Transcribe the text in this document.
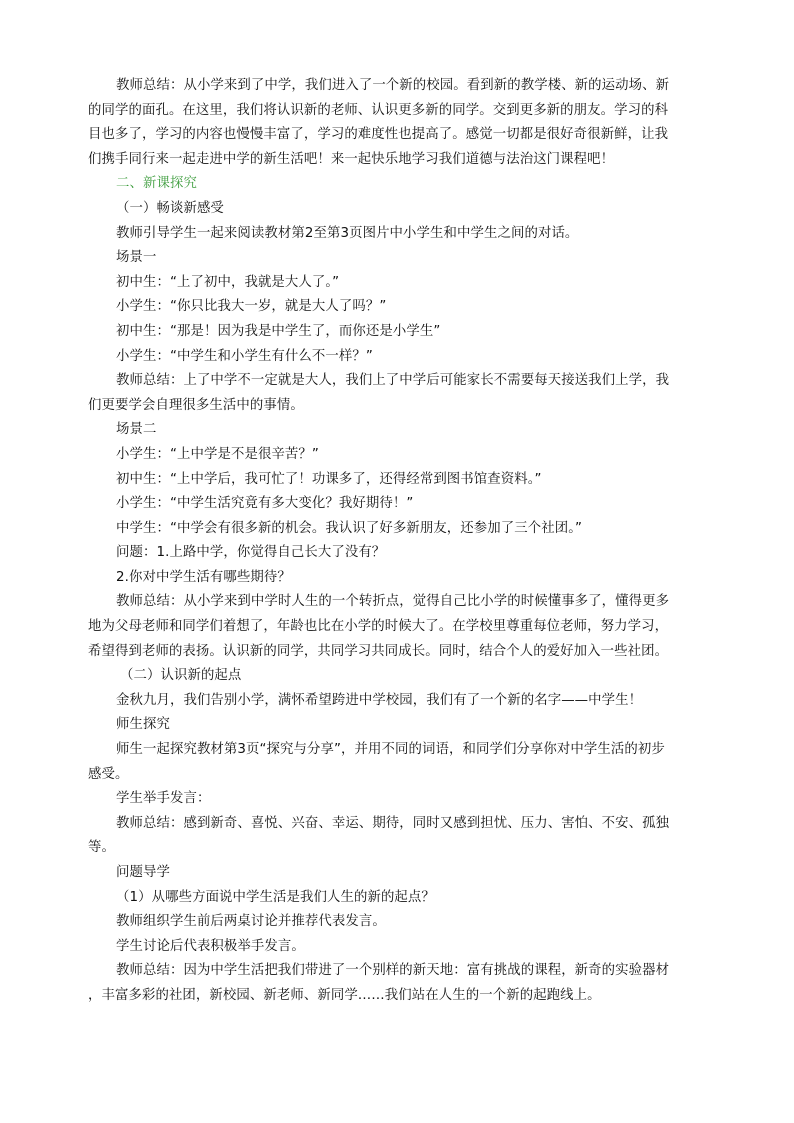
教师总结：从小学来到了中学，我们进入了一个新的校园。看到新的教学楼、新的运动场、新
的同学的面孔。在这里，我们将认识新的老师、认识更多新的同学。交到更多新的朋友。学习的科
目也多了，学习的内容也慢慢丰富了，学习的难度性也提高了。感觉一切都是很好奇很新鲜，让我
们携手同行来一起走进中学的新生活吧！来一起快乐地学习我们道德与法治这门课程吧！
二、新课探究
（一）畅谈新感受
教师引导学生一起来阅读教材第2至第3页图片中小学生和中学生之间的对话。
场景一
初中生：“上了初中，我就是大人了。”
小学生：“你只比我大一岁，就是大人了吗？”
初中生：“那是！因为我是中学生了，而你还是小学生”
小学生：“中学生和小学生有什么不一样？”
教师总结：上了中学不一定就是大人，我们上了中学后可能家长不需要每天接送我们上学，我
们更要学会自理很多生活中的事情。
场景二
小学生：“上中学是不是很辛苦？”
初中生：“上中学后，我可忙了！功课多了，还得经常到图书馆查资料。”
小学生：“中学生活究竟有多大变化？我好期待！”
中学生：“中学会有很多新的机会。我认识了好多新朋友，还参加了三个社团。”
问题：1.上路中学，你觉得自己长大了没有？
2.你对中学生活有哪些期待？
教师总结：从小学来到中学时人生的一个转折点，觉得自己比小学的时候懂事多了，懂得更多
地为父母老师和同学们着想了，年龄也比在小学的时候大了。在学校里尊重每位老师，努力学习，
希望得到老师的表扬。认识新的同学，共同学习共同成长。同时，结合个人的爱好加入一些社团。
（二）认识新的起点
金秋九月，我们告别小学，满怀希望跨进中学校园，我们有了一个新的名字——中学生！
师生探究
师生一起探究教材第3页“探究与分享”，并用不同的词语，和同学们分享你对中学生活的初步
感受。
学生举手发言：
教师总结：感到新奇、喜悦、兴奋、幸运、期待，同时又感到担忧、压力、害怕、不安、孤独
等。
问题导学
（1）从哪些方面说中学生活是我们人生的新的起点？
教师组织学生前后两桌讨论并推荐代表发言。
学生讨论后代表积极举手发言。
教师总结：因为中学生活把我们带进了一个别样的新天地：富有挑战的课程，新奇的实验器材
，丰富多彩的社团，新校园、新老师、新同学……我们站在人生的一个新的起跑线上。
